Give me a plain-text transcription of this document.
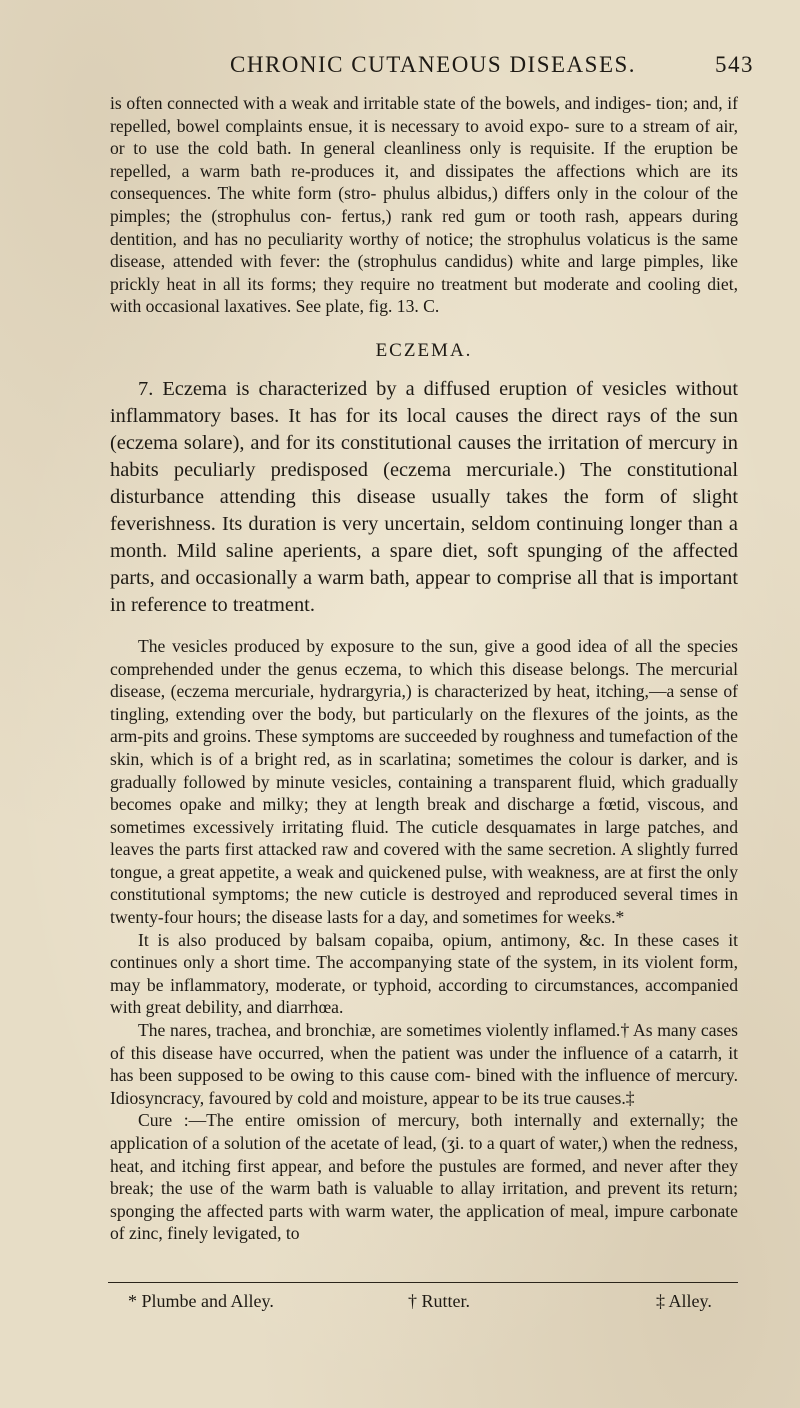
CHRONIC CUTANEOUS DISEASES.	543

is often connected with a weak and irritable state of the bowels, and indiges- tion; and, if repelled, bowel complaints ensue, it is necessary to avoid expo- sure to a stream of air, or to use the cold bath. In general cleanliness only is requisite. If the eruption be repelled, a warm bath re-produces it, and dissipates the affections which are its consequences. The white form (stro- phulus albidus,) differs only in the colour of the pimples; the (strophulus con- fertus,) rank red gum or tooth rash, appears during dentition, and has no peculiarity worthy of notice; the strophulus volaticus is the same disease, attended with fever: the (strophulus candidus) white and large pimples, like prickly heat in all its forms; they require no treatment but moderate and cooling diet, with occasional laxatives. See plate, fig. 13. C.

ECZEMA.

7. Eczema is characterized by a diffused eruption of vesicles without inflammatory bases. It has for its local causes the direct rays of the sun (eczema solare), and for its constitutional causes the irritation of mercury in habits peculiarly predisposed (eczema mercuriale.) The constitutional disturbance attending this disease usually takes the form of slight feverishness. Its duration is very uncertain, seldom continuing longer than a month. Mild saline aperients, a spare diet, soft spunging of the affected parts, and occasionally a warm bath, appear to comprise all that is important in reference to treatment.

The vesicles produced by exposure to the sun, give a good idea of all the species comprehended under the genus eczema, to which this disease belongs. The mercurial disease, (eczema mercuriale, hydrargyria,) is characterized by heat, itching,—a sense of tingling, extending over the body, but particularly on the flexures of the joints, as the arm-pits and groins. These symptoms are succeeded by roughness and tumefaction of the skin, which is of a bright red, as in scarlatina; sometimes the colour is darker, and is gradually followed by minute vesicles, containing a transparent fluid, which gradually becomes opake and milky; they at length break and discharge a fœtid, viscous, and sometimes excessively irritating fluid. The cuticle desquamates in large patches, and leaves the parts first attacked raw and covered with the same secretion. A slightly furred tongue, a great appetite, a weak and quickened pulse, with weakness, are at first the only constitutional symptoms; the new cuticle is destroyed and reproduced several times in twenty-four hours; the disease lasts for a day, and sometimes for weeks.*

It is also produced by balsam copaiba, opium, antimony, &c. In these cases it continues only a short time. The accompanying state of the system, in its violent form, may be inflammatory, moderate, or typhoid, according to circumstances, accompanied with great debility, and diarrhœa.

The nares, trachea, and bronchiæ, are sometimes violently inflamed.† As many cases of this disease have occurred, when the patient was under the influence of a catarrh, it has been supposed to be owing to this cause com- bined with the influence of mercury. Idiosyncracy, favoured by cold and moisture, appear to be its true causes.‡

Cure :—The entire omission of mercury, both internally and externally; the application of a solution of the acetate of lead, (ʒi. to a quart of water,) when the redness, heat, and itching first appear, and before the pustules are formed, and never after they break; the use of the warm bath is valuable to allay irritation, and prevent its return; sponging the affected parts with warm water, the application of meal, impure carbonate of zinc, finely levigated, to

* Plumbe and Alley.	† Rutter.	‡ Alley.
